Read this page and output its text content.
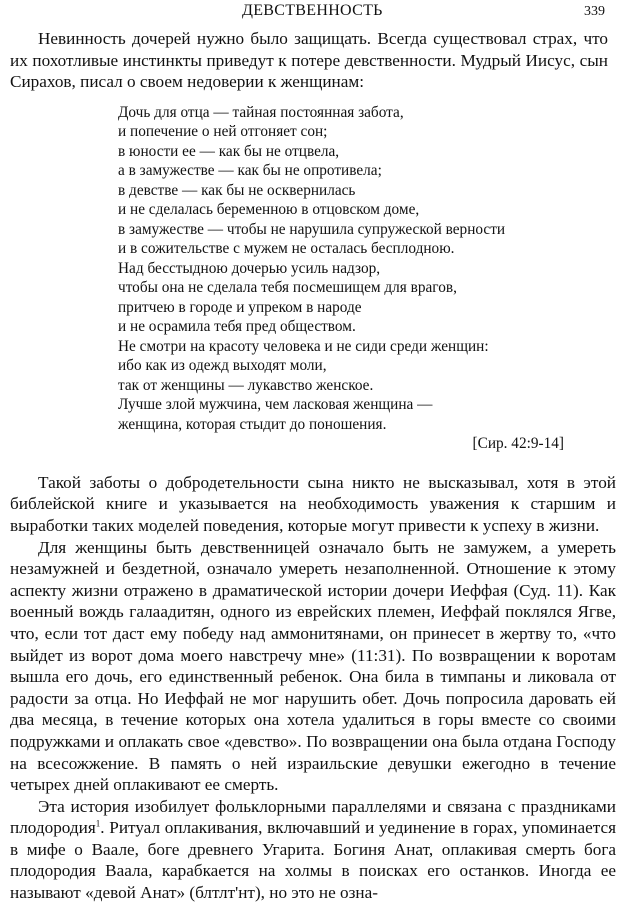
ДЕВСТВЕННОСТЬ	339

Невинность дочерей нужно было защищать. Всегда существовал страх, что их похотливые инстинкты приведут к потере девственности. Мудрый Иисус, сын Сирахов, писал о своем недоверии к женщинам:

Дочь для отца — тайная постоянная забота,
и попечение о ней отгоняет сон;
в юности ее — как бы не отцвела,
а в замужестве — как бы не опротивела;
в девстве — как бы не осквернилась
и не сделалась беременною в отцовском доме,
в замужестве — чтобы не нарушила супружеской верности
и в сожительстве с мужем не осталась бесплодною.
Над бесстыдною дочерью усиль надзор,
чтобы она не сделала тебя посмешищем для врагов,
притчею в городе и упреком в народе
и не осрамила тебя пред обществом.
Не смотри на красоту человека и не сиди среди женщин:
ибо как из одежд выходят моли,
так от женщины — лукавство женское.
Лучше злой мужчина, чем ласковая женщина —
женщина, которая стыдит до поношения.
[Сир. 42:9-14]

Такой заботы о добродетельности сына никто не высказывал, хотя в этой библейской книге и указывается на необходимость уважения к старшим и выработки таких моделей поведения, которые могут привести к успеху в жизни.

Для женщины быть девственницей означало быть не замужем, а умереть незамужней и бездетной, означало умереть незаполненной. Отношение к этому аспекту жизни отражено в драматической истории дочери Иеффая (Суд. 11). Как военный вождь галаадитян, одного из еврейских племен, Иеффай поклялся Ягве, что, если тот даст ему победу над аммонитянами, он принесет в жертву то, «что выйдет из ворот дома моего навстречу мне» (11:31). По возвращении к воротам вышла его дочь, его единственный ребенок. Она била в тимпаны и ликовала от радости за отца. Но Иеффай не мог нарушить обет. Дочь попросила даровать ей два месяца, в течение которых она хотела удалиться в горы вместе со своими подружками и оплакать свое «девство». По возвращении она была отдана Господу на всесожжение. В память о ней израильские девушки ежегодно в течение четырех дней оплакивают ее смерть.

Эта история изобилует фольклорными параллелями и связана с праздниками плодородия$^1$. Ритуал оплакивания, включавший и уединение в горах, упоминается в мифе о Ваале, боге древнего Угарита. Богиня Анат, оплакивая смерть бога плодородия Ваала, карабкается на холмы в поисках его останков. Иногда ее называют «девой Анат» (блтлт'нт), но это не озна-
